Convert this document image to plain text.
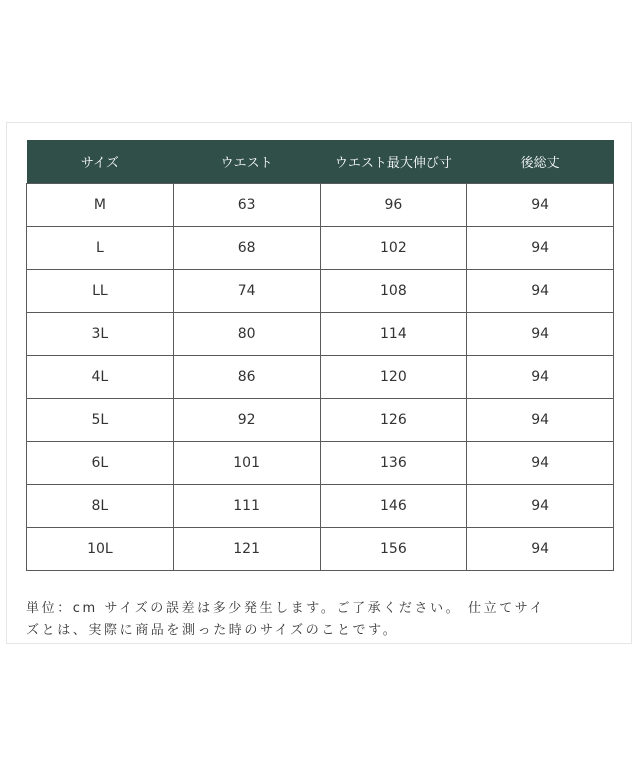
サイズ	ウエスト	ウエスト最大伸び寸	後総丈
M	63	96	94
L	68	102	94
LL	74	108	94
3L	80	114	94
4L	86	120	94
5L	92	126	94
6L	101	136	94
8L	111	146	94
10L	121	156	94

単位：cm サイズの誤差は多少発生します。ご了承ください。 仕立てサイ
ズとは、実際に商品を測った時のサイズのことです。
